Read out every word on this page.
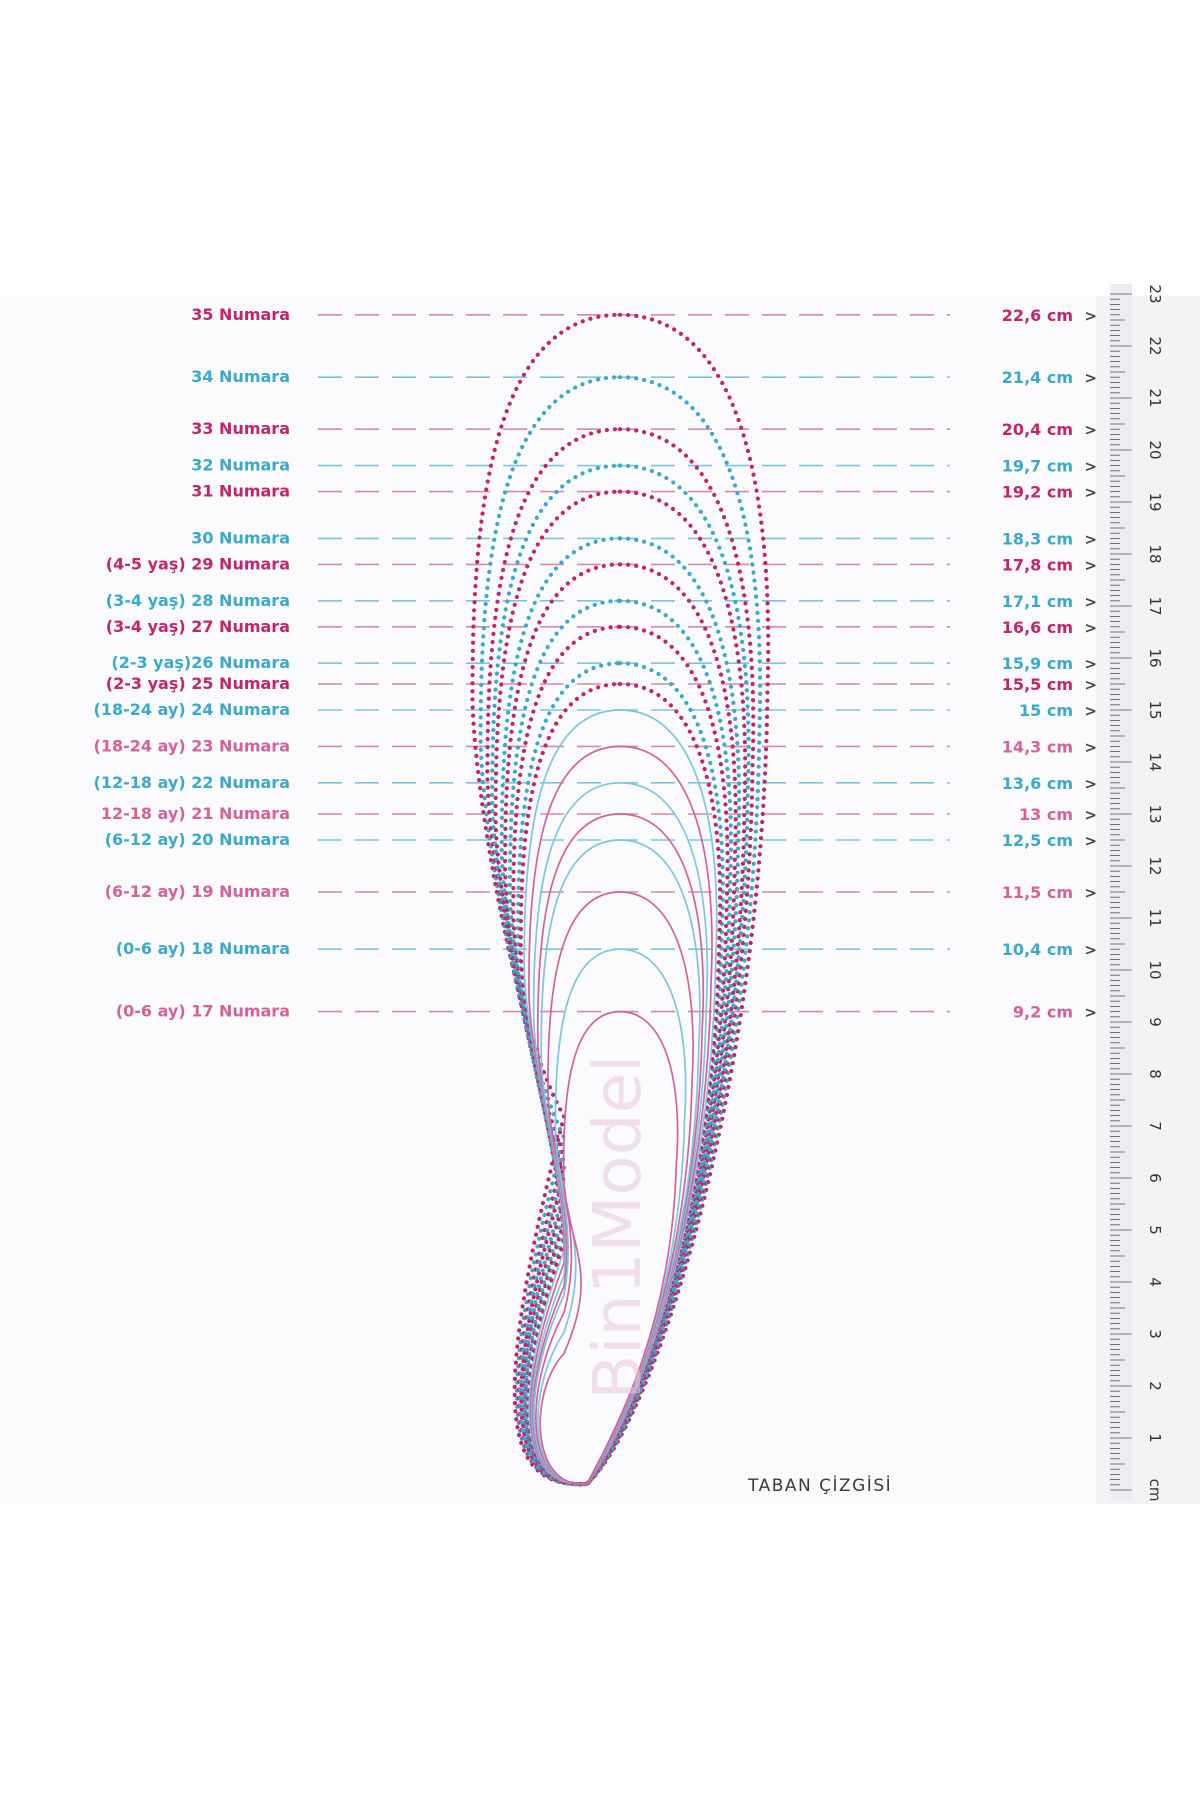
Bin1Model
35 Numara
34 Numara
33 Numara
32 Numara
31 Numara
30 Numara
(4-5 yaş) 29 Numara
(3-4 yaş) 28 Numara
(3-4 yaş) 27 Numara
(2-3 yaş)26 Numara
(2-3 yaş) 25 Numara
(18-24 ay) 24 Numara
(18-24 ay) 23 Numara
(12-18 ay) 22 Numara
12-18 ay) 21 Numara
(6-12 ay) 20 Numara
(6-12 ay) 19 Numara
(0-6 ay) 18 Numara
(0-6 ay) 17 Numara
22,6 cm >
21,4 cm >
20,4 cm >
19,7 cm >
19,2 cm >
18,3 cm >
17,8 cm >
17,1 cm >
16,6 cm >
15,9 cm >
15,5 cm >
15 cm >
14,3 cm >
13,6 cm >
13 cm >
12,5 cm >
11,5 cm >
10,4 cm >
9,2 cm >
cm
1
2
3
4
5
6
7
8
9
10
11
12
13
14
15
16
17
18
19
20
21
22
23
TABAN ÇİZGİSİ
